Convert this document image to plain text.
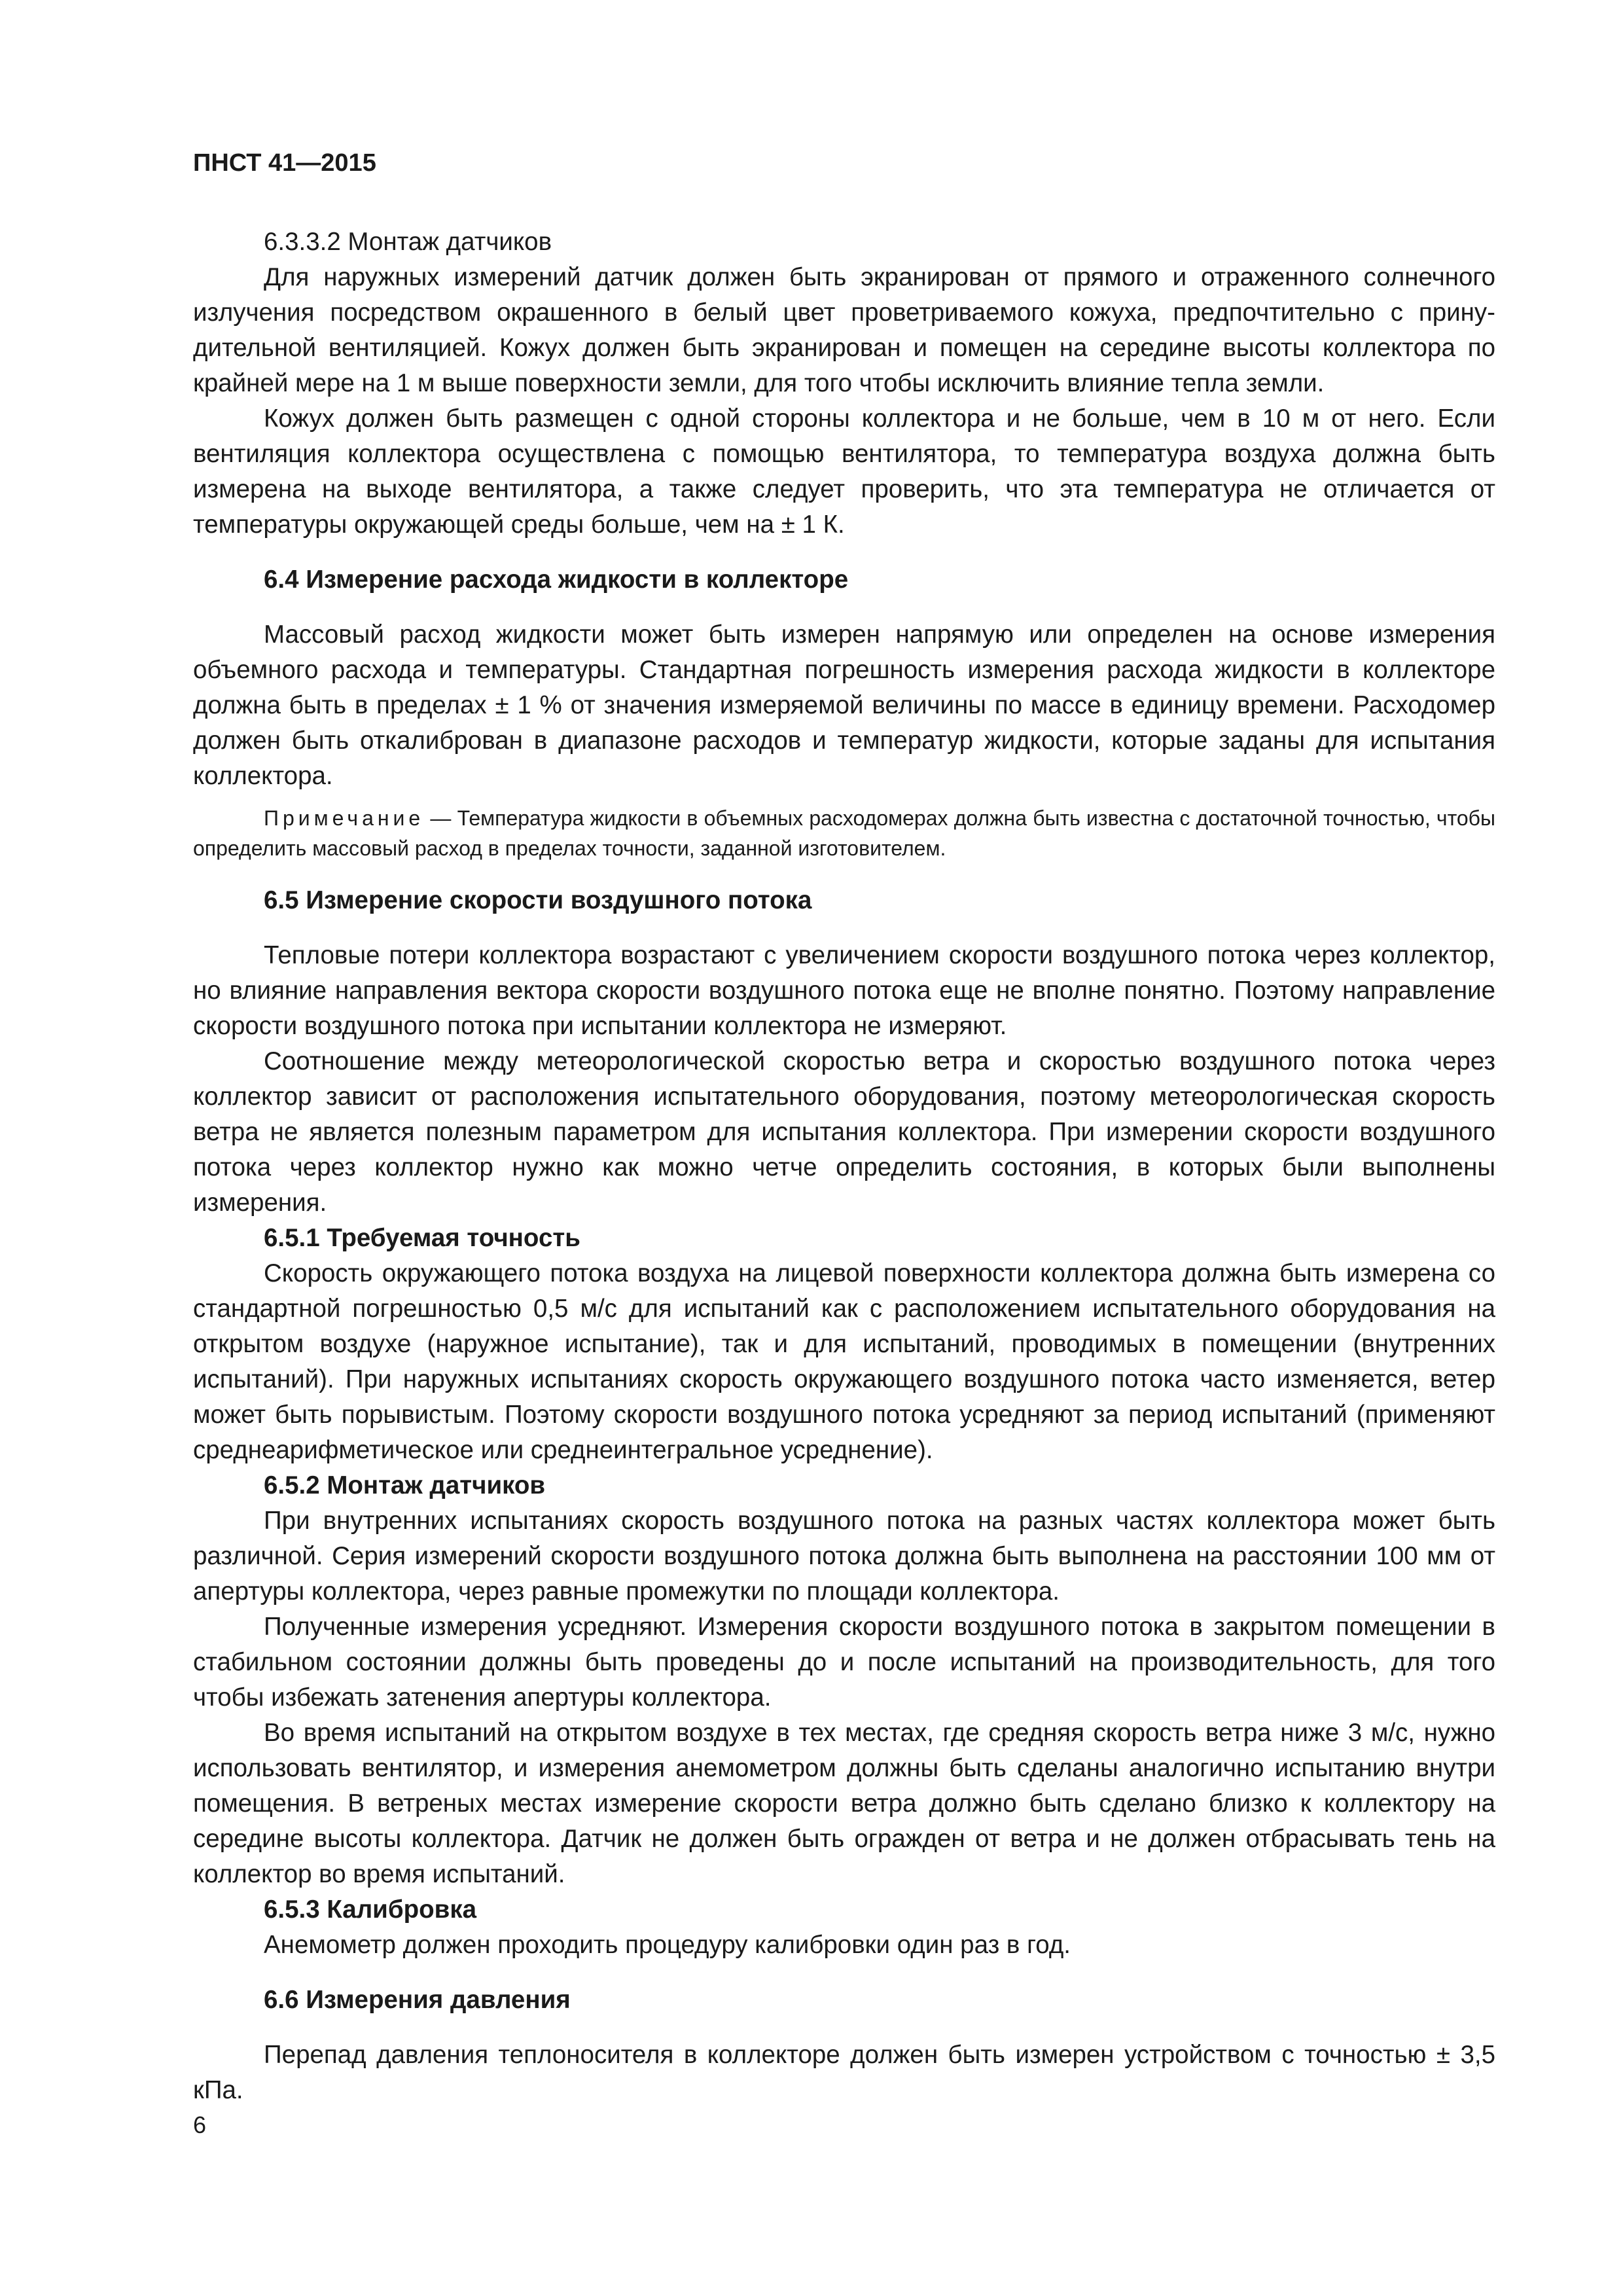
ПНСТ 41—2015
6.3.3.2 Монтаж датчиков

Для наружных измерений датчик должен быть экранирован от прямого и отраженного солнечного излучения посредством окрашенного в белый цвет проветриваемого кожуха, предпочтительно с принудительной вентиляцией. Кожух должен быть экранирован и помещен на середине высоты коллектора по крайней мере на 1 м выше поверхности земли, для того чтобы исключить влияние тепла земли.

Кожух должен быть размещен с одной стороны коллектора и не больше, чем в 10 м от него. Если вентиляция коллектора осуществлена с помощью вентилятора, то температура воздуха должна быть измерена на выходе вентилятора, а также следует проверить, что эта температура не отличается от температуры окружающей среды больше, чем на ± 1 К.

6.4 Измерение расхода жидкости в коллекторе

Массовый расход жидкости может быть измерен напрямую или определен на основе измерения объемного расхода и температуры. Стандартная погрешность измерения расхода жидкости в коллекторе должна быть в пределах ± 1 % от значения измеряемой величины по массе в единицу времени. Расходомер должен быть откалиброван в диапазоне расходов и температур жидкости, которые заданы для испытания коллектора.

Примечание — Температура жидкости в объемных расходомерах должна быть известна с достаточной точностью, чтобы определить массовый расход в пределах точности, заданной изготовителем.
6.5 Измерение скорости воздушного потока

Тепловые потери коллектора возрастают с увеличением скорости воздушного потока через коллектор, но влияние направления вектора скорости воздушного потока еще не вполне понятно. Поэтому направление скорости воздушного потока при испытании коллектора не измеряют.

Соотношение между метеорологической скоростью ветра и скоростью воздушного потока через коллектор зависит от расположения испытательного оборудования, поэтому метеорологическая скорость ветра не является полезным параметром для испытания коллектора. При измерении скорости воздушного потока через коллектор нужно как можно четче определить состояния, в которых были выполнены измерения.

6.5.1 Требуемая точность

Скорость окружающего потока воздуха на лицевой поверхности коллектора должна быть измерена со стандартной погрешностью 0,5 м/с для испытаний как с расположением испытательного оборудования на открытом воздухе (наружное испытание), так и для испытаний, проводимых в помещении (внутренних испытаний). При наружных испытаниях скорость окружающего воздушного потока часто изменяется, ветер может быть порывистым. Поэтому скорости воздушного потока усредняют за период испытаний (применяют среднеарифметическое или среднеинтегральное усреднение).

6.5.2 Монтаж датчиков

При внутренних испытаниях скорость воздушного потока на разных частях коллектора может быть различной. Серия измерений скорости воздушного потока должна быть выполнена на расстоянии 100 мм от апертуры коллектора, через равные промежутки по площади коллектора.

Полученные измерения усредняют. Измерения скорости воздушного потока в закрытом помещении в стабильном состоянии должны быть проведены до и после испытаний на производительность, для того чтобы избежать затенения апертуры коллектора.

Во время испытаний на открытом воздухе в тех местах, где средняя скорость ветра ниже 3 м/с, нужно использовать вентилятор, и измерения анемометром должны быть сделаны аналогично испытанию внутри помещения. В ветреных местах измерение скорости ветра должно быть сделано близко к коллектору на середине высоты коллектора. Датчик не должен быть огражден от ветра и не должен отбрасывать тень на коллектор во время испытаний.

6.5.3 Калибровка

Анемометр должен проходить процедуру калибровки один раз в год.

6.6 Измерения давления

Перепад давления теплоносителя в коллекторе должен быть измерен устройством с точностью ± 3,5 кПа.

6
